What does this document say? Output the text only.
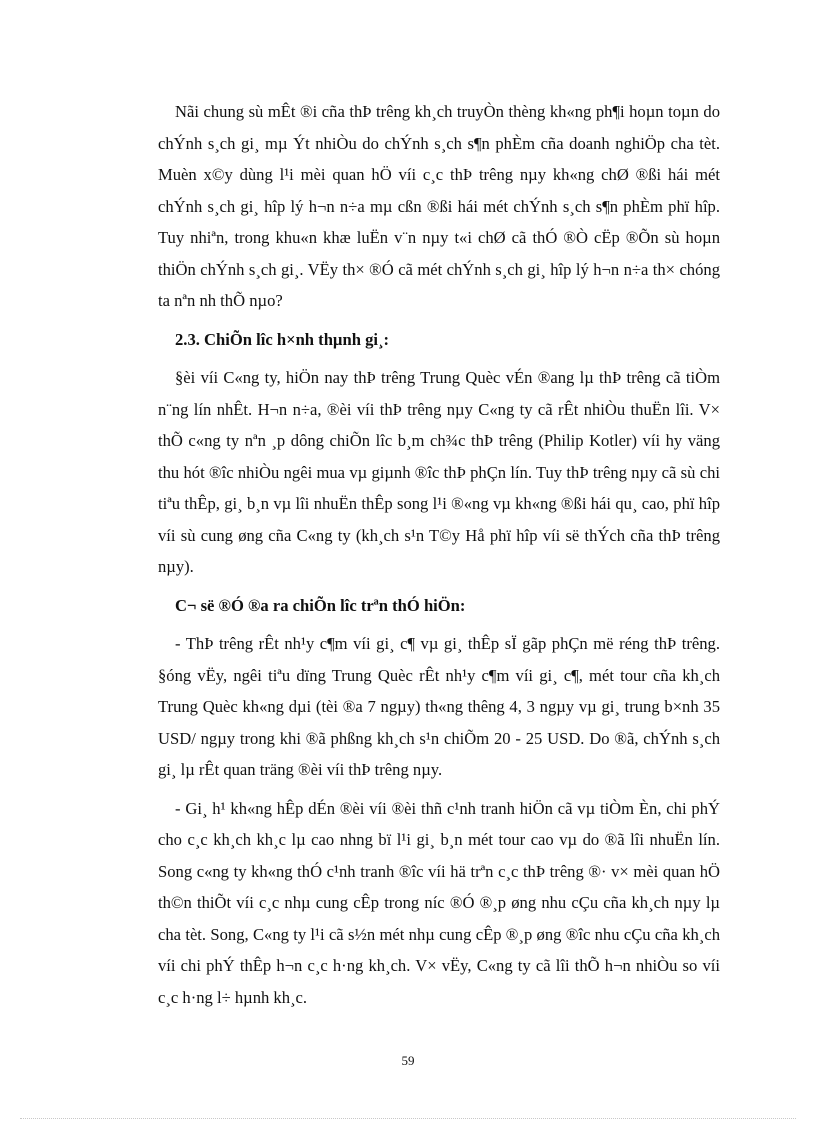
Nãi chung sù mÊt ®i cña thÞ trêng kh¸ch truyÒn thèng kh«ng ph¶i hoµn toµn do chÝnh s¸ch gi¸ mµ Ýt nhiÒu do chÝnh s¸ch s¶n phÈm cña doanh nghiÖp cha tèt. Muèn x©y dùng l¹i mèi quan hÖ víi c¸c thÞ trêng nµy kh«ng chØ ®ßi hái mét chÝnh s¸ch gi¸ hîp lý h¬n n÷a mµ cßn ®ßi hái mét chÝnh s¸ch s¶n phÈm phï hîp. Tuy nhiªn, trong khu«n khæ luËn v¨n nµy t«i chØ cã thÓ ®Ò cËp ®Õn sù hoµn thiÖn chÝnh s¸ch gi¸. VËy th× ®Ó cã mét chÝnh s¸ch gi¸ hîp lý h¬n n÷a th× chóng ta nªn nh thÕ nµo?

2.3. ChiÕn lîc h×nh thµnh gi¸:

§èi víi C«ng ty, hiÖn nay thÞ trêng Trung Quèc vÉn ®ang lµ thÞ trêng cã tiÒm n¨ng lín nhÊt. H¬n n÷a, ®èi víi thÞ trêng nµy C«ng ty cã rÊt nhiÒu thuËn lîi. V× thÕ c«ng ty nªn ¸p dông chiÕn lîc b¸m ch¾c thÞ trêng (Philip Kotler) víi hy väng thu hót ®îc nhiÒu ngêi mua vµ giµnh ®îc thÞ phÇn lín. Tuy thÞ trêng nµy cã sù chi tiªu thÊp, gi¸ b¸n vµ lîi nhuËn thÊp song l¹i ®«ng vµ kh«ng ®ßi hái qu¸ cao, phï hîp víi sù cung øng cña C«ng ty (kh¸ch s¹n T©y Hå phï hîp víi së thÝch cña thÞ trêng nµy).

C¬ së ®Ó ®a ra chiÕn lîc trªn thÓ hiÖn:

- ThÞ trêng rÊt nh¹y c¶m víi gi¸ c¶ vµ gi¸ thÊp sÏ gãp phÇn më réng thÞ trêng. §óng vËy, ngêi tiªu dïng Trung Quèc rÊt nh¹y c¶m víi gi¸ c¶, mét tour cña kh¸ch Trung Quèc kh«ng dµi (tèi ®a 7 ngµy) th«ng thêng 4, 3 ngµy vµ gi¸ trung b×nh 35 USD/ ngµy trong khi ®ã phßng kh¸ch s¹n chiÕm 20 - 25 USD. Do ®ã, chÝnh s¸ch gi¸ lµ rÊt quan träng ®èi víi thÞ trêng nµy.

- Gi¸ h¹ kh«ng hÊp dÉn ®èi víi ®èi thñ c¹nh tranh hiÖn cã vµ tiÒm Èn, chi phÝ cho c¸c kh¸ch kh¸c lµ cao nhng bï l¹i gi¸ b¸n mét tour cao vµ do ®ã lîi nhuËn lín. Song c«ng ty kh«ng thÓ c¹nh tranh ®îc víi hä trªn c¸c thÞ trêng ®· v× mèi quan hÖ th©n thiÕt víi c¸c nhµ cung cÊp trong níc ®Ó ®¸p øng nhu cÇu cña kh¸ch nµy lµ cha tèt. Song, C«ng ty l¹i cã s½n mét nhµ cung cÊp ®¸p øng ®îc nhu cÇu cña kh¸ch víi chi phÝ thÊp h¬n c¸c h·ng kh¸ch. V× vËy, C«ng ty cã lîi thÕ h¬n nhiÒu so víi c¸c h·ng l÷ hµnh kh¸c.

59
